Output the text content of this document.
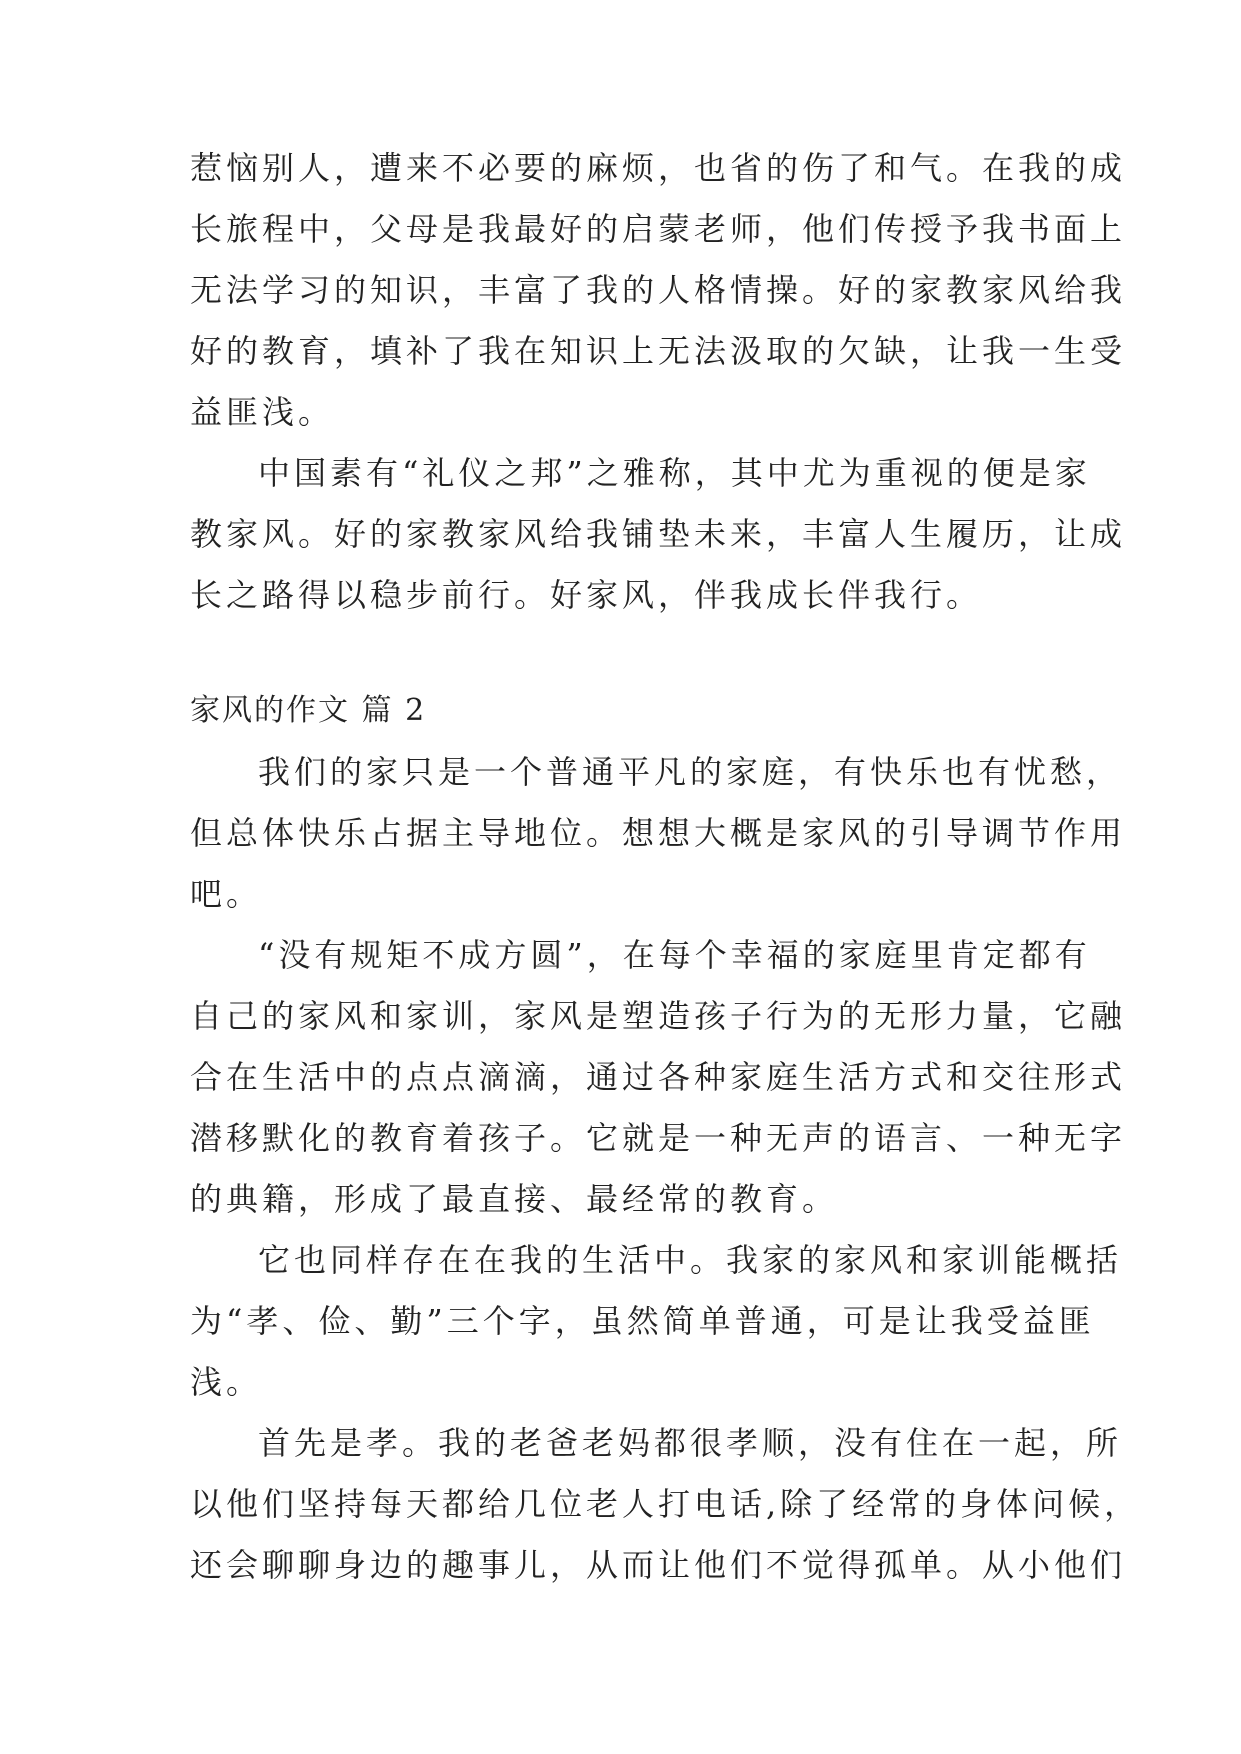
惹恼别人，遭来不必要的麻烦，也省的伤了和气。在我的成

长旅程中，父母是我最好的启蒙老师，他们传授予我书面上

无法学习的知识，丰富了我的人格情操。好的家教家风给我

好的教育，填补了我在知识上无法汲取的欠缺，让我一生受

益匪浅。

中国素有“礼仪之邦”之雅称，其中尤为重视的便是家

教家风。好的家教家风给我铺垫未来，丰富人生履历，让成

长之路得以稳步前行。好家风，伴我成长伴我行。

家风的作文 篇 2

我们的家只是一个普通平凡的家庭，有快乐也有忧愁，

但总体快乐占据主导地位。想想大概是家风的引导调节作用

吧。

“没有规矩不成方圆”，在每个幸福的家庭里肯定都有

自己的家风和家训，家风是塑造孩子行为的无形力量，它融

合在生活中的点点滴滴，通过各种家庭生活方式和交往形式

潜移默化的教育着孩子。它就是一种无声的语言、一种无字

的典籍，形成了最直接、最经常的教育。

它也同样存在在我的生活中。我家的家风和家训能概括

为“孝、俭、勤”三个字，虽然简单普通，可是让我受益匪

浅。

首先是孝。我的老爸老妈都很孝顺，没有住在一起，所

以他们坚持每天都给几位老人打电话,除了经常的身体问候，

还会聊聊身边的趣事儿，从而让他们不觉得孤单。从小他们
